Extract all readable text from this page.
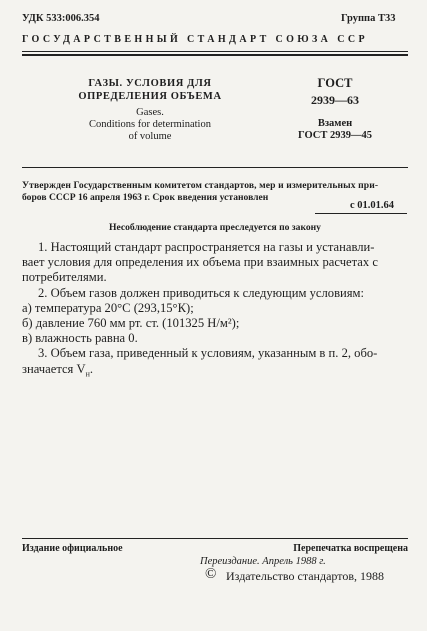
УДК 533:006.354	Группа Т33
ГОСУДАРСТВЕННЫЙ СТАНДАРТ СОЮЗА ССР
ГАЗЫ. УСЛОВИЯ ДЛЯ
ОПРЕДЕЛЕНИЯ ОБЪЕМА
Gases.
Conditions for determination
of volume
ГОСТ
2939—63
Взамен
ГОСТ 2939—45
Утвержден Государственным комитетом стандартов, мер и измерительных при-
боров СССР 16 апреля 1963 г. Срок введения установлен
с 01.01.64
Несоблюдение стандарта преследуется по закону

1. Настоящий стандарт распространяется на газы и устанавли-

вает условия для определения их объема при взаимных расчетах с

потребителями.

2. Объем газов должен приводиться к следующим условиям:

а) температура 20°С (293,15°К);

б) давление 760 мм рт. ст. (101325 Н/м²);

в) влажность равна 0.

3. Объем газа, приведенный к условиям, указанным в п. 2, обо-

значается $V_н$.

Издание официальное	Перепечатка воспрещена
Переиздание. Апрель 1988 г.
© Издательство стандартов, 1988
